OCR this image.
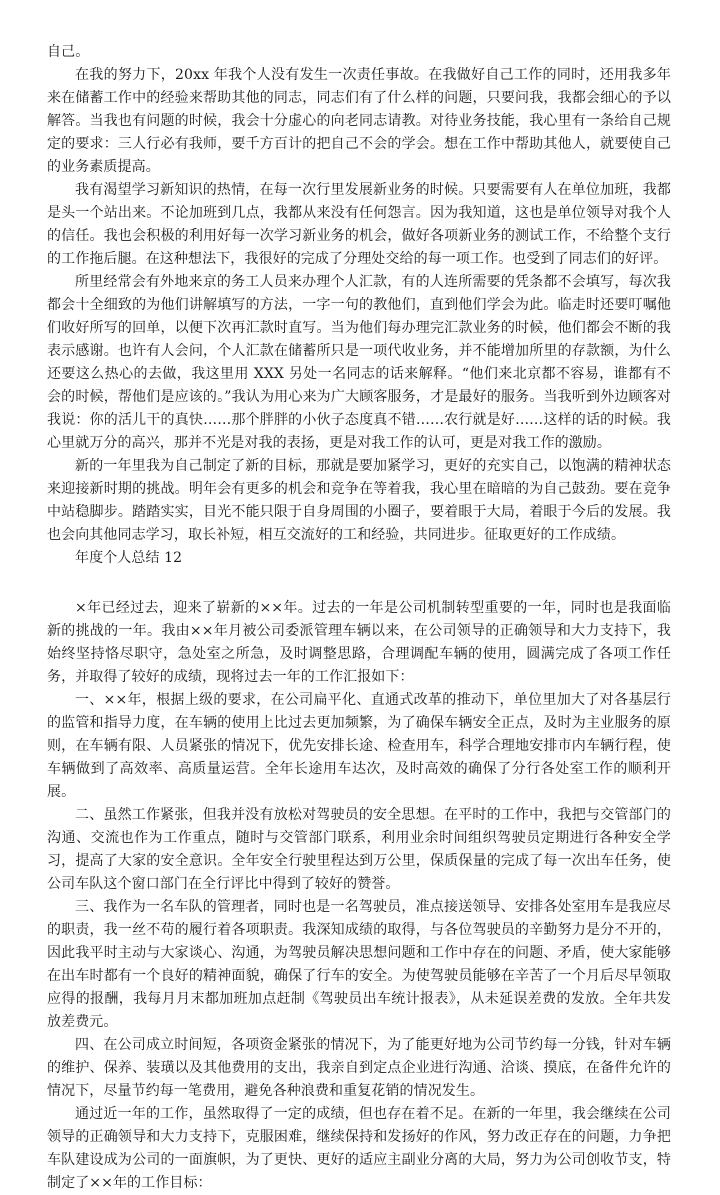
自己。

在我的努力下，20xx 年我个人没有发生一次责任事故。在我做好自己工作的同时，还用我多年来在储蓄工作中的经验来帮助其他的同志，同志们有了什么样的问题，只要问我，我都会细心的予以解答。当我也有问题的时候，我会十分虚心的向老同志请教。对待业务技能，我心里有一条给自己规定的要求：三人行必有我师，要千方百计的把自己不会的学会。想在工作中帮助其他人，就要使自己的业务素质提高。

我有渴望学习新知识的热情，在每一次行里发展新业务的时候。只要需要有人在单位加班，我都是头一个站出来。不论加班到几点，我都从来没有任何怨言。因为我知道，这也是单位领导对我个人的信任。我也会积极的利用好每一次学习新业务的机会，做好各项新业务的测试工作，不给整个支行的工作拖后腿。在这种想法下，我很好的完成了分理处交给的每一项工作。也受到了同志们的好评。

所里经常会有外地来京的务工人员来办理个人汇款，有的人连所需要的凭条都不会填写，每次我都会十全细致的为他们讲解填写的方法，一字一句的教他们，直到他们学会为此。临走时还要叮嘱他们收好所写的回单，以便下次再汇款时直写。当为他们每办理完汇款业务的时候，他们都会不断的我表示感谢。也许有人会问，个人汇款在储蓄所只是一项代收业务，并不能增加所里的存款额，为什么还要这么热心的去做，我这里用 XXX 另处一名同志的话来解释。“他们来北京都不容易，谁都有不会的时候，帮他们是应该的。”我认为用心来为广大顾客服务，才是最好的服务。当我听到外边顾客对我说：你的活儿干的真快……那个胖胖的小伙子态度真不错……农行就是好……这样的话的时候。我心里就万分的高兴，那并不光是对我的表扬，更是对我工作的认可，更是对我工作的激励。

新的一年里我为自己制定了新的目标，那就是要加紧学习，更好的充实自己，以饱满的精神状态来迎接新时期的挑战。明年会有更多的机会和竞争在等着我，我心里在暗暗的为自己鼓劲。要在竞争中站稳脚步。踏踏实实，目光不能只限于自身周围的小圈子，要着眼于大局，着眼于今后的发展。我也会向其他同志学习，取长补短，相互交流好的工和经验，共同进步。征取更好的工作成绩。

年度个人总结 12

×年已经过去，迎来了崭新的××年。过去的一年是公司机制转型重要的一年，同时也是我面临新的挑战的一年。我由××年月被公司委派管理车辆以来，在公司领导的正确领导和大力支持下，我始终坚持恪尽职守，急处室之所急，及时调整思路，合理调配车辆的使用，圆满完成了各项工作任务，并取得了较好的成绩，现将过去一年的工作汇报如下：

一、××年，根据上级的要求，在公司扁平化、直通式改革的推动下，单位里加大了对各基层行的监管和指导力度，在车辆的使用上比过去更加频繁，为了确保车辆安全正点，及时为主业服务的原则，在车辆有限、人员紧张的情况下，优先安排长途、检查用车，科学合理地安排市内车辆行程，使车辆做到了高效率、高质量运营。全年长途用车达次，及时高效的确保了分行各处室工作的顺利开展。

二、虽然工作紧张，但我并没有放松对驾驶员的安全思想。在平时的工作中，我把与交管部门的沟通、交流也作为工作重点，随时与交管部门联系，利用业余时间组织驾驶员定期进行各种安全学习，提高了大家的安全意识。全年安全行驶里程达到万公里，保质保量的完成了每一次出车任务，使公司车队这个窗口部门在全行评比中得到了较好的赞誉。

三、我作为一名车队的管理者，同时也是一名驾驶员，准点接送领导、安排各处室用车是我应尽的职责，我一丝不苟的履行着各项职责。我深知成绩的取得，与各位驾驶员的辛勤努力是分不开的，因此我平时主动与大家谈心、沟通，为驾驶员解决思想问题和工作中存在的问题、矛盾，使大家能够在出车时都有一个良好的精神面貌，确保了行车的安全。为使驾驶员能够在辛苦了一个月后尽早领取应得的报酬，我每月月末都加班加点赶制《驾驶员出车统计报表》，从未延误差费的发放。全年共发放差费元。

四、在公司成立时间短，各项资金紧张的情况下，为了能更好地为公司节约每一分钱，针对车辆的维护、保养、装璜以及其他费用的支出，我亲自到定点企业进行沟通、洽谈、摸底，在备件允许的情况下，尽量节约每一笔费用，避免各种浪费和重复花销的情况发生。

通过近一年的工作，虽然取得了一定的成绩，但也存在着不足。在新的一年里，我会继续在公司领导的正确领导和大力支持下，克服困难，继续保持和发扬好的作风，努力改正存在的问题，力争把车队建设成为公司的一面旗帜，为了更快、更好的适应主副业分离的大局，努力为公司创收节支，特制定了××年的工作目标：
